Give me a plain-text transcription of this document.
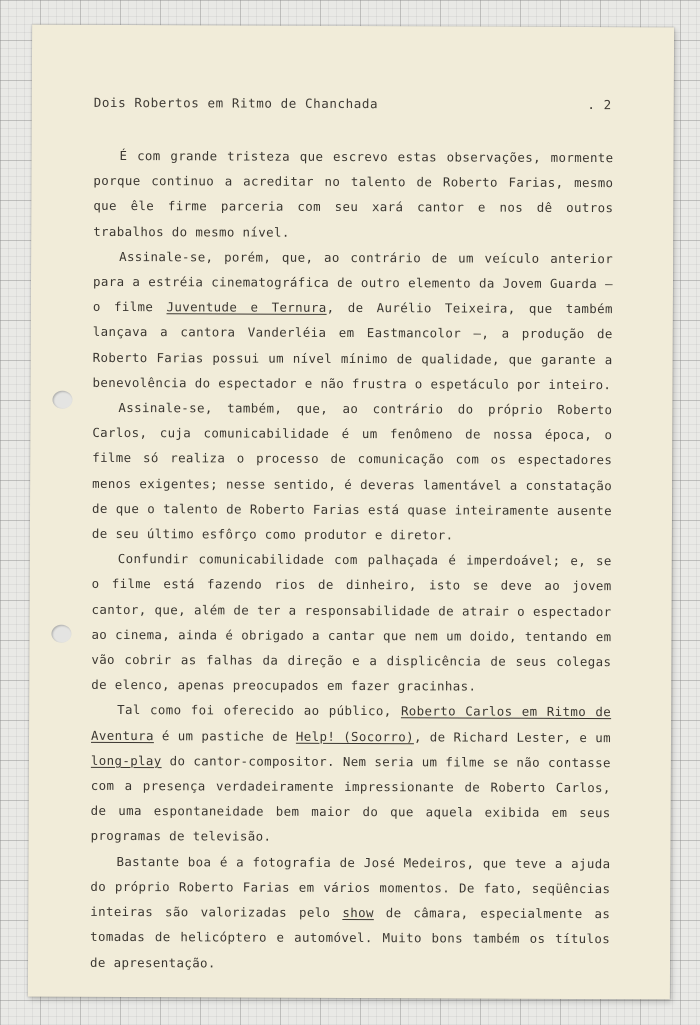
Dois Robertos em Ritmo de Chanchada	. 2

É com grande tristeza que escrevo estas observações, mormente porque continuo a acreditar no talento de Roberto Farias, mesmo que êle firme parceria com seu xará cantor e nos dê outros trabalhos do mesmo nível.

Assinale-se, porém, que, ao contrário de um veículo anterior para a estréia cinematográfica de outro elemento da Jovem Guarda — o filme Juventude e Ternura, de Aurélio Teixeira, que também lançava a cantora Vanderléia em Eastmancolor —, a produção de Roberto Farias possui um nível mínimo de qualidade, que garante a benevolência do espectador e não frustra o espetáculo por inteiro.

Assinale-se, também, que, ao contrário do próprio Roberto Carlos, cuja comunicabilidade é um fenômeno de nossa época, o filme só realiza o processo de comunicação com os espectadores menos exigentes; nesse sentido, é deveras lamentável a constatação de que o talento de Roberto Farias está quase inteiramente ausente de seu último esfôrço como produtor e diretor.

Confundir comunicabilidade com palhaçada é imperdoável; e, se o filme está fazendo rios de dinheiro, isto se deve ao jovem cantor, que, além de ter a responsabilidade de atrair o espectador ao cinema, ainda é obrigado a cantar que nem um doido, tentando em vão cobrir as falhas da direção e a displicência de seus colegas de elenco, apenas preocupados em fazer gracinhas.

Tal como foi oferecido ao público, Roberto Carlos em Ritmo de Aventura é um pastiche de Help! (Socorro), de Richard Lester, e um long-play do cantor-compositor. Nem seria um filme se não contasse com a presença verdadeiramente impressionante de Roberto Carlos, de uma espontaneidade bem maior do que aquela exibida em seus programas de televisão.

Bastante boa é a fotografia de José Medeiros, que teve a ajuda do próprio Roberto Farias em vários momentos. De fato, seqüências inteiras são valorizadas pelo show de câmara, especialmente as tomadas de helicóptero e automóvel. Muito bons também os títulos de apresentação.
